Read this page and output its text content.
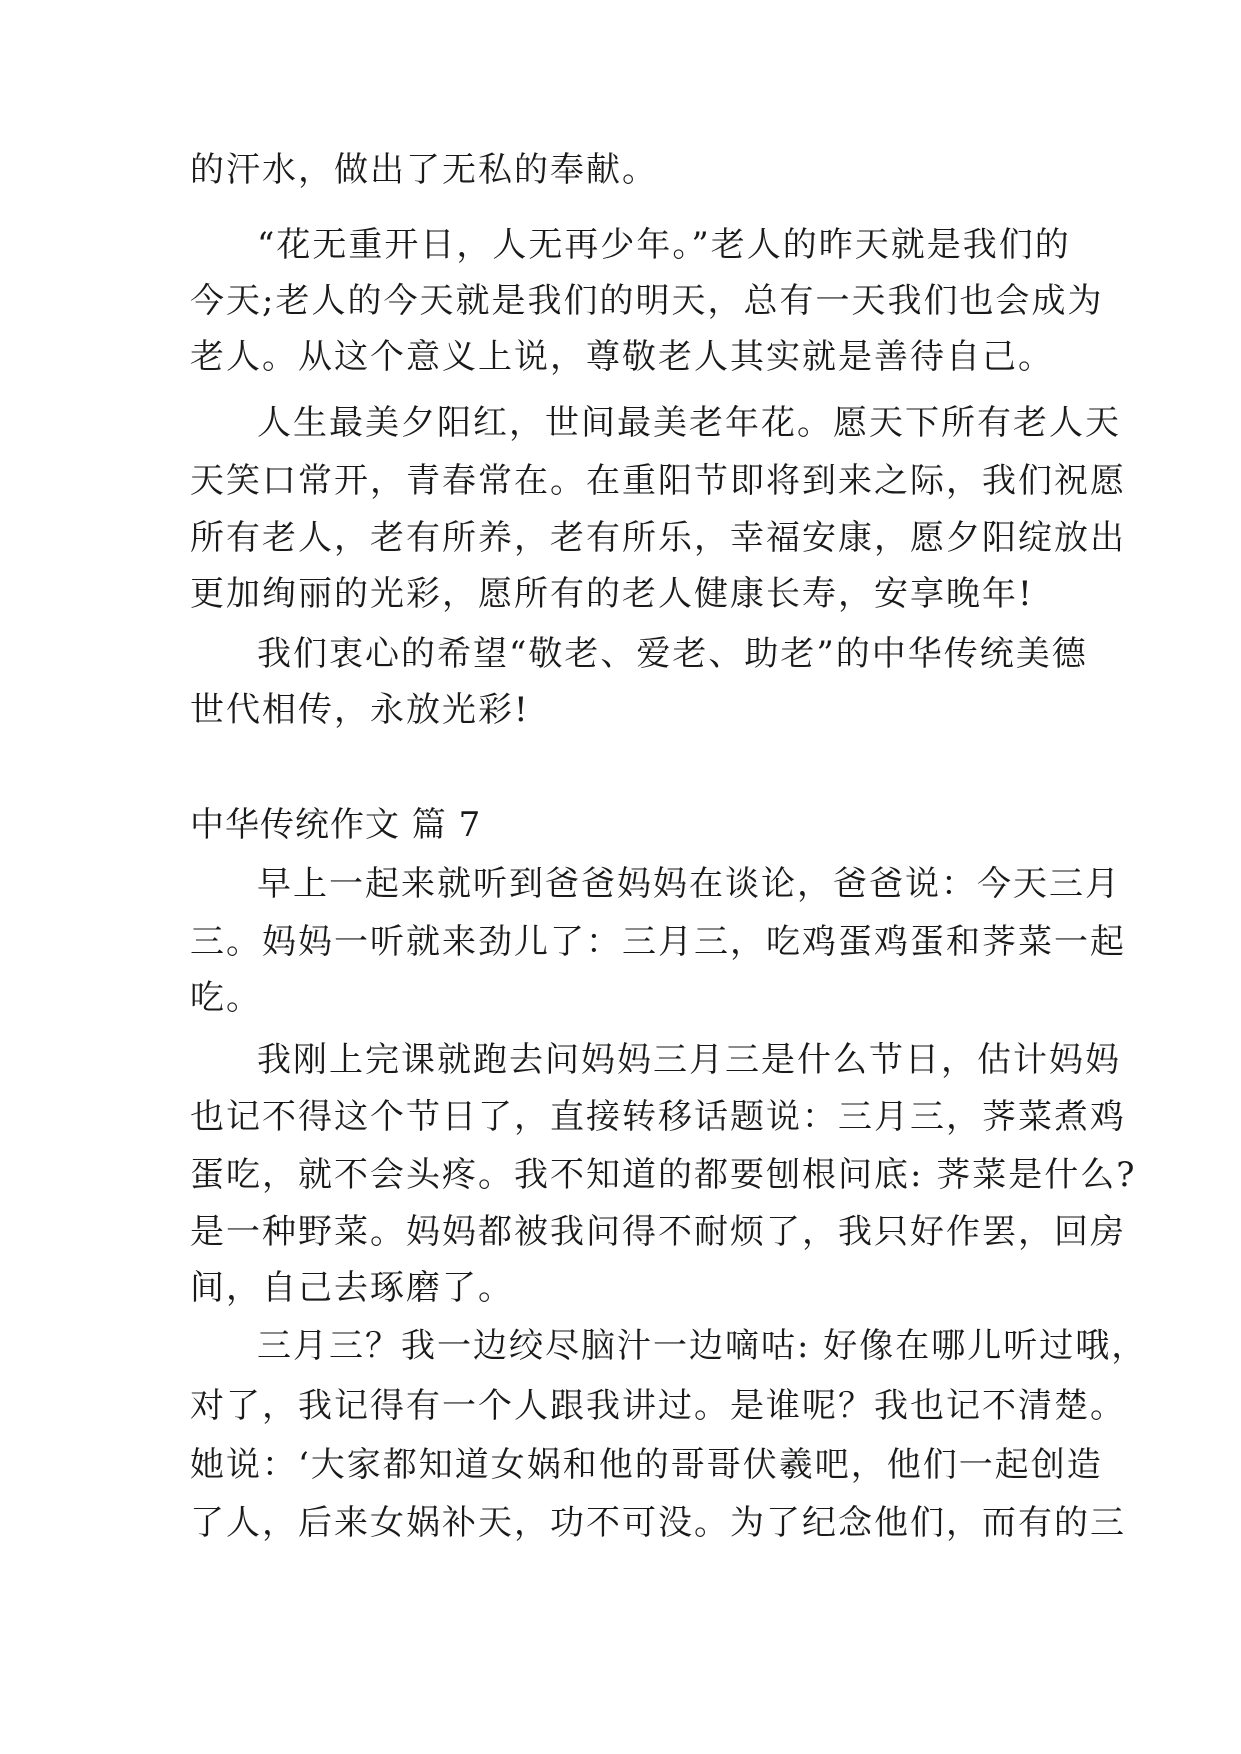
的汗水，做出了无私的奉献。
“花无重开日，人无再少年。”老人的昨天就是我们的
今天;老人的今天就是我们的明天，总有一天我们也会成为
老人。从这个意义上说，尊敬老人其实就是善待自己。
人生最美夕阳红，世间最美老年花。愿天下所有老人天
天笑口常开，青春常在。在重阳节即将到来之际，我们祝愿
所有老人，老有所养，老有所乐，幸福安康，愿夕阳绽放出
更加绚丽的光彩，愿所有的老人健康长寿，安享晚年!
我们衷心的希望“敬老、爱老、助老”的中华传统美德
世代相传，永放光彩!
中华传统作文 篇 7
早上一起来就听到爸爸妈妈在谈论，爸爸说：今天三月
三。妈妈一听就来劲儿了：三月三，吃鸡蛋鸡蛋和荠菜一起
吃。
我刚上完课就跑去问妈妈三月三是什么节日，估计妈妈
也记不得这个节日了，直接转移话题说：三月三，荠菜煮鸡
蛋吃，就不会头疼。我不知道的都要刨根问底: 荠菜是什么?
是一种野菜。妈妈都被我问得不耐烦了，我只好作罢，回房
间，自己去琢磨了。
三月三？我一边绞尽脑汁一边嘀咕: 好像在哪儿听过哦，
对了，我记得有一个人跟我讲过。是谁呢？我也记不清楚。
她说：‘大家都知道女娲和他的哥哥伏羲吧，他们一起创造
了人，后来女娲补天，功不可没。为了纪念他们，而有的三
